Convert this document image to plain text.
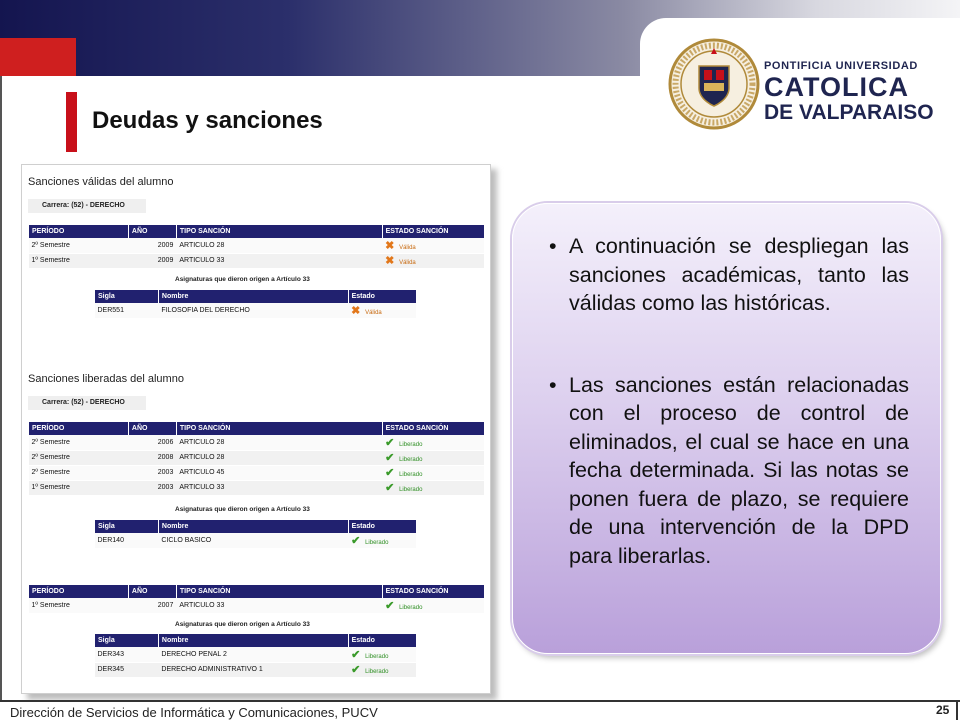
PONTIFICIA UNIVERSIDAD
CATOLICA
DE VALPARAISO
Deudas y sanciones
Sanciones válidas del alumno
Carrera: (52) - DERECHO
PERÍODO	AÑO	TIPO SANCIÓN	ESTADO SANCIÓN
2º Semestre	2009	ARTICULO 28	✖ Válida
1º Semestre	2009	ARTICULO 33	✖ Válida
Asignaturas que dieron origen a Artículo 33
Sigla	Nombre	Estado
DER551	FILOSOFIA DEL DERECHO	✖ Válida
Sanciones liberadas del alumno
Carrera: (52) - DERECHO
PERÍODO	AÑO	TIPO SANCIÓN	ESTADO SANCIÓN
2º Semestre	2006	ARTICULO 28	✔ Liberado
2º Semestre	2008	ARTICULO 28	✔ Liberado
2º Semestre	2003	ARTICULO 45	✔ Liberado
1º Semestre	2003	ARTICULO 33	✔ Liberado
Asignaturas que dieron origen a Artículo 33
Sigla	Nombre	Estado
DER140	CICLO BASICO	✔ Liberado
PERÍODO	AÑO	TIPO SANCIÓN	ESTADO SANCIÓN
1º Semestre	2007	ARTICULO 33	✔ Liberado
Asignaturas que dieron origen a Artículo 33
Sigla	Nombre	Estado
DER343	DERECHO PENAL 2	✔ Liberado
DER345	DERECHO ADMINISTRATIVO 1	✔ Liberado
• A continuación se despliegan las sanciones académicas, tanto las válidas como las históricas.
• Las sanciones están relacionadas con el proceso de control de eliminados, el cual se hace en una fecha determinada. Si las notas se ponen fuera de plazo, se requiere de una intervención de la DPD para liberarlas.
Dirección de Servicios de Informática y Comunicaciones, PUCV	25
